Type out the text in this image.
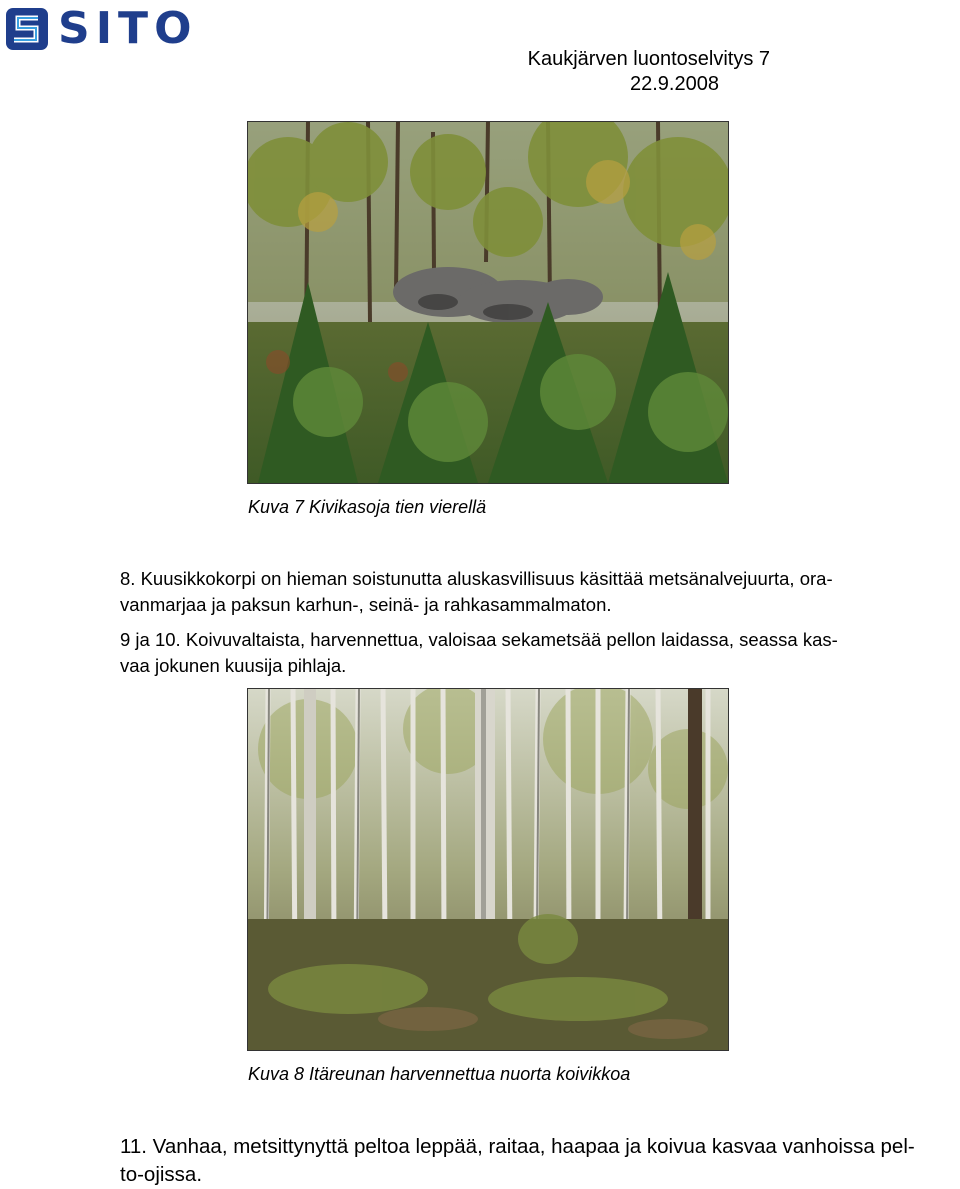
SITO
Kaukjärven luontoselvitys 7
22.9.2008
Kuva 7 Kivikasoja tien vierellä
8. Kuusikkokorpi on hieman soistunutta aluskasvillisuus käsittää metsänalvejuurta, ora-
vanmarjaa ja paksun karhun-, seinä- ja rahkasammalmaton.
9 ja 10. Koivuvaltaista, harvennettua, valoisaa sekametsää pellon laidassa, seassa kas-
vaa jokunen kuusija pihlaja.
Kuva 8 Itäreunan harvennettua nuorta koivikkoa
11. Vanhaa, metsittynyttä peltoa leppää, raitaa, haapaa ja koivua kasvaa vanhoissa pel-
to-ojissa.
